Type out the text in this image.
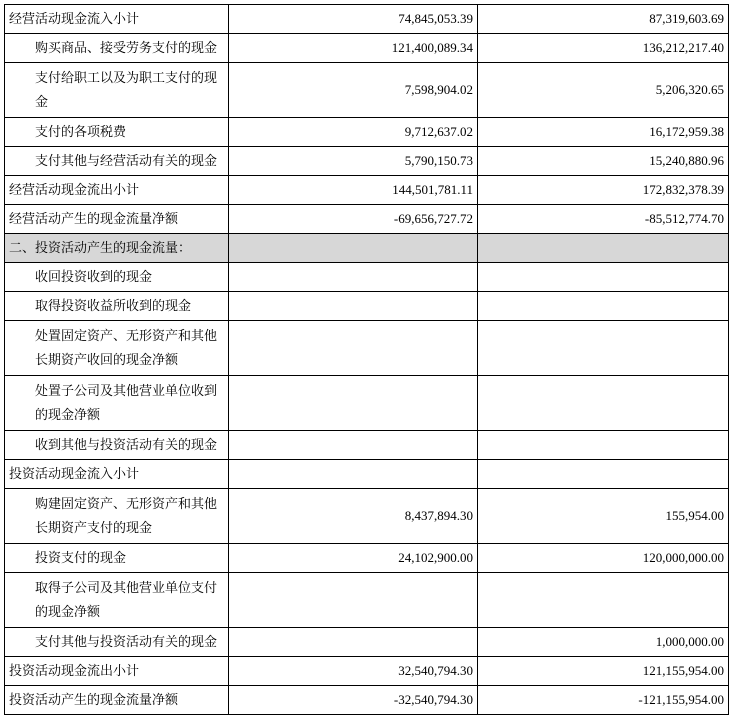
经营活动现金流入小计	74,845,053.39	87,319,603.69
购买商品、接受劳务支付的现金	121,400,089.34	136,212,217.40

支付给职工以及为职工支付的现金	7,598,904.02	5,206,320.65
支付的各项税费	9,712,637.02	16,172,959.38
支付其他与经营活动有关的现金	5,790,150.73	15,240,880.96
经营活动现金流出小计	144,501,781.11	172,832,378.39
经营活动产生的现金流量净额	-69,656,727.72	-85,512,774.70
二、投资活动产生的现金流量：		
收回投资收到的现金		
取得投资收益所收到的现金		

处置固定资产、无形资产和其他长期资产收回的现金净额		

处置子公司及其他营业单位收到的现金净额		

收到其他与投资活动有关的现金		
投资活动现金流入小计		

购建固定资产、无形资产和其他长期资产支付的现金	8,437,894.30	155,954.00
投资支付的现金	24,102,900.00	120,000,000.00

取得子公司及其他营业单位支付的现金净额		

支付其他与投资活动有关的现金		1,000,000.00
投资活动现金流出小计	32,540,794.30	121,155,954.00
投资活动产生的现金流量净额	-32,540,794.30	-121,155,954.00
